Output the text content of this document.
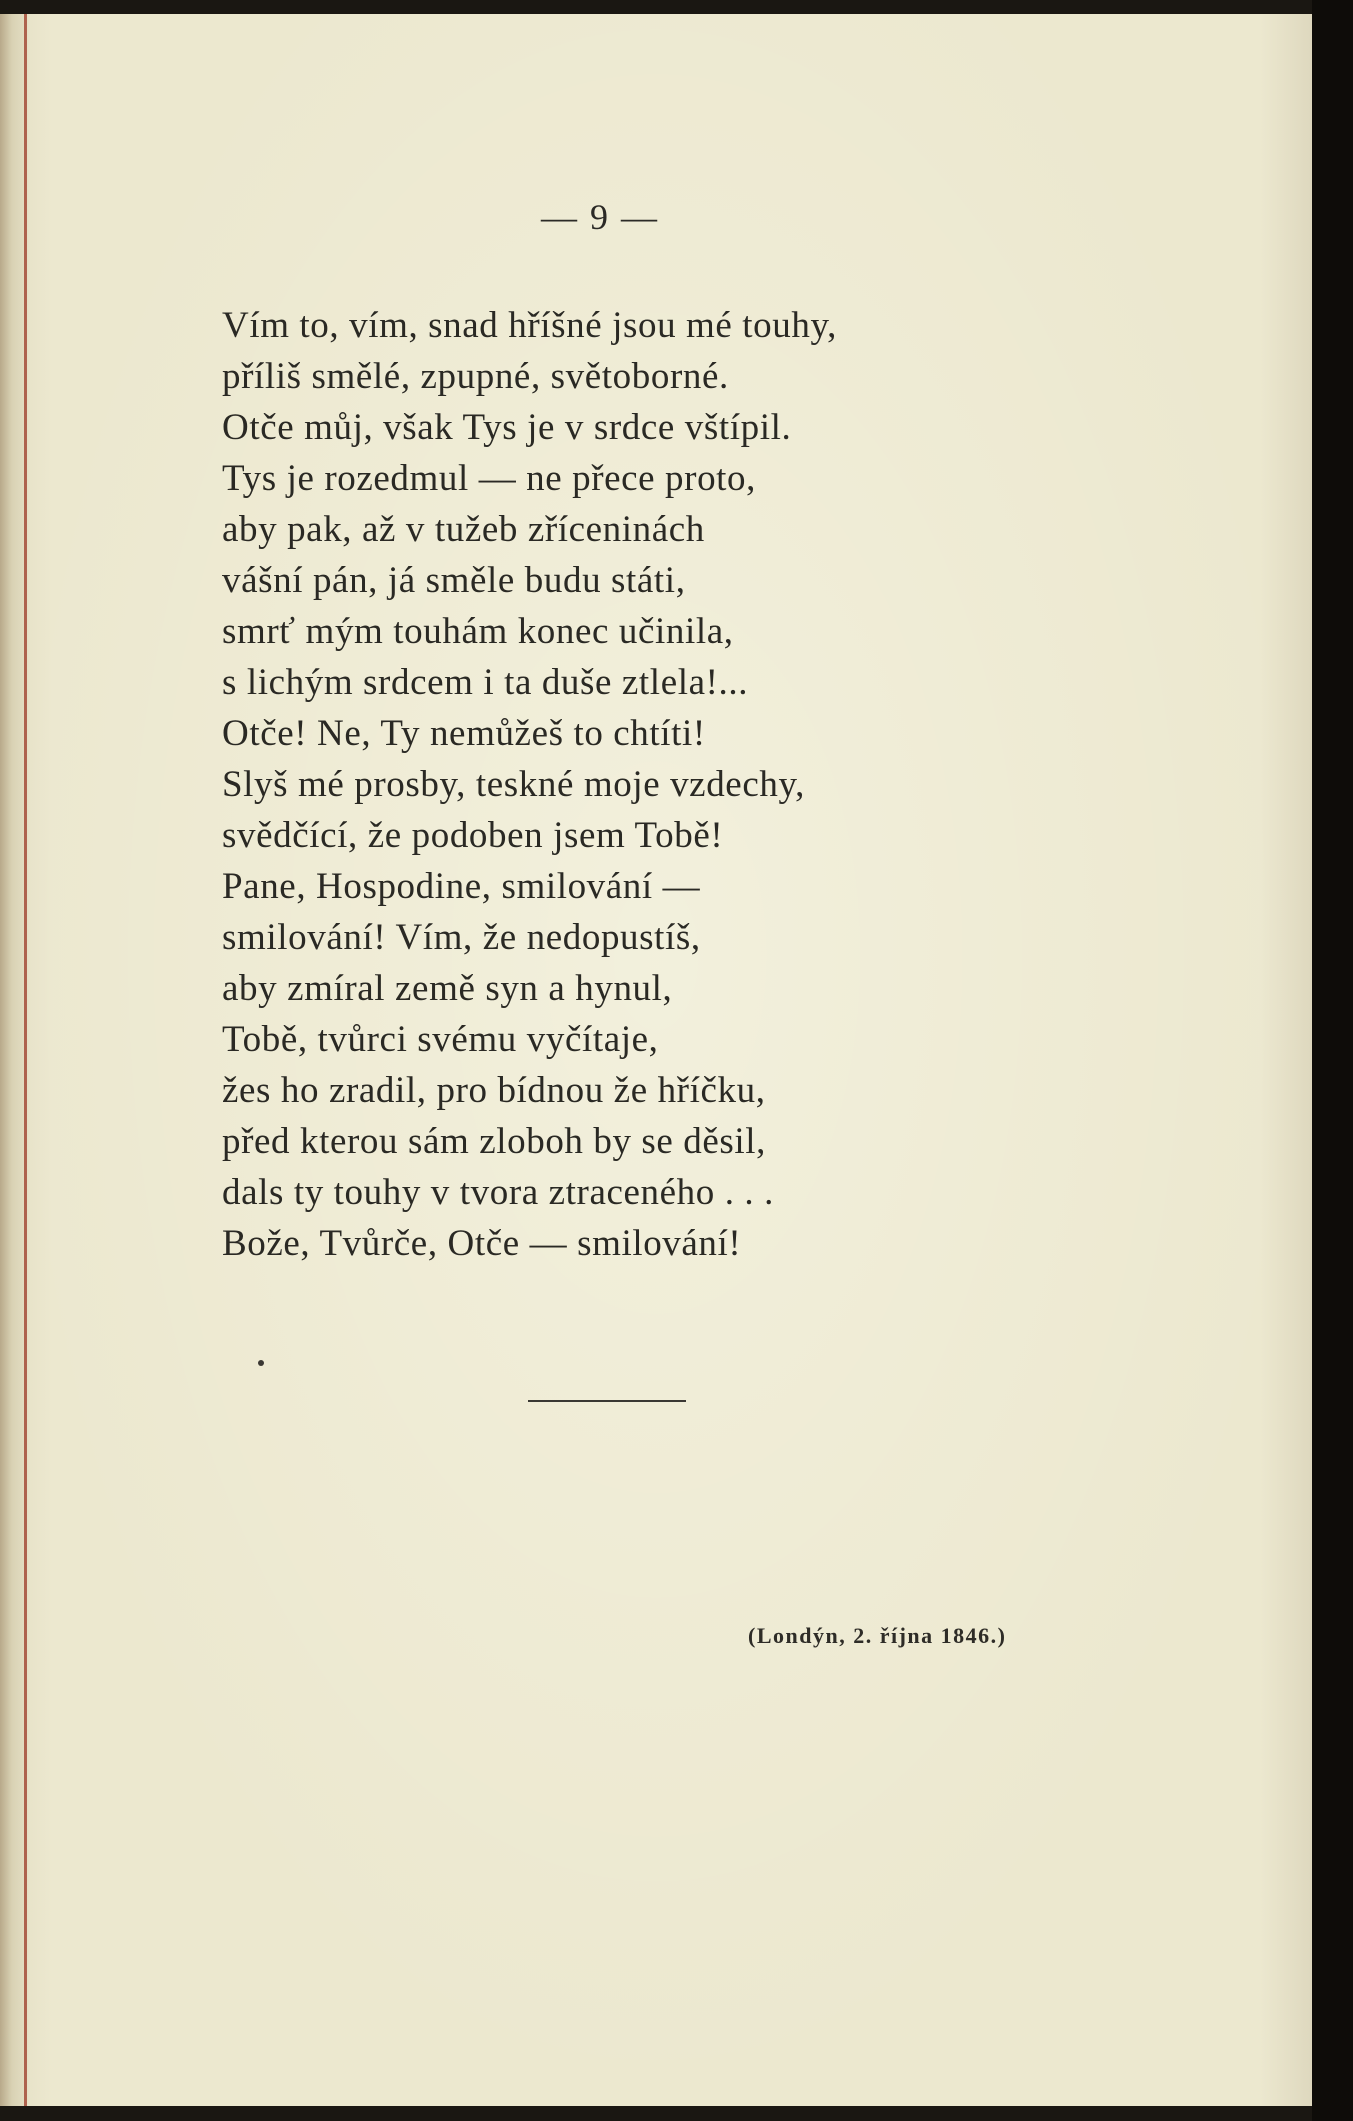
— 9 —
Vím to, vím, snad hříšné jsou mé touhy,
příliš smělé, zpupné, světoborné.
Otče můj, však Tys je v srdce vštípil.
Tys je rozedmul — ne přece proto,
aby pak, až v tužeb zříceninách
vášní pán, já směle budu státi,
smrť mým touhám konec učinila,
s lichým srdcem i ta duše ztlela!...
Otče! Ne, Ty nemůžeš to chtíti!
Slyš mé prosby, teskné moje vzdechy,
svědčící, že podoben jsem Tobě!
Pane, Hospodine, smilování —
smilování! Vím, že nedopustíš,
aby zmíral země syn a hynul,
Tobě, tvůrci svému vyčítaje,
žes ho zradil, pro bídnou že hříčku,
před kterou sám zloboh by se děsil,
dals ty touhy v tvora ztraceného . . .
Bože, Tvůrče, Otče — smilování!
(Londýn, 2. října 1846.)
